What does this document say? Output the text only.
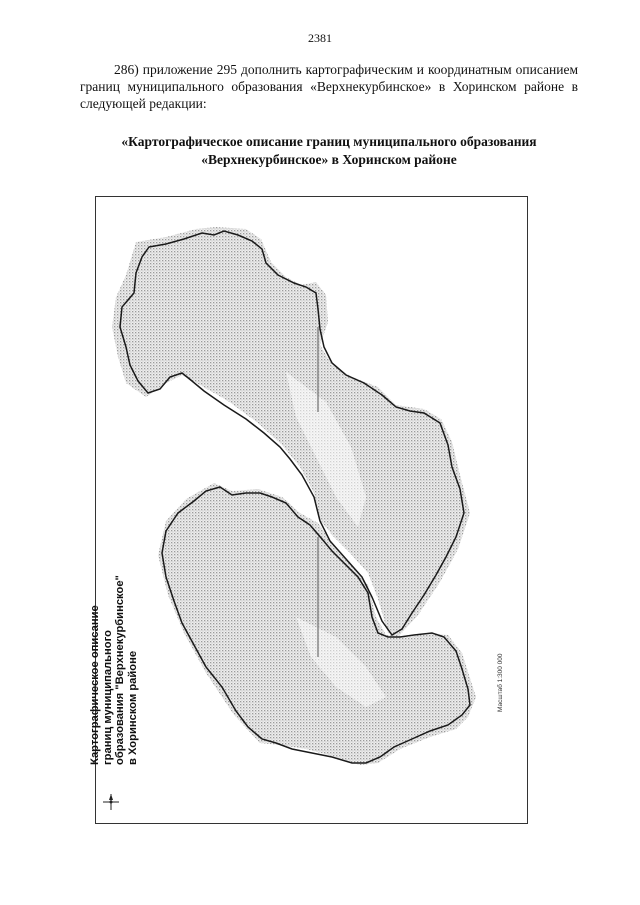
2381
286) приложение 295 дополнить картографическим и координатным описанием границ муниципального образования «Верхнекурбинское» в Хоринском районе в следующей редакции:
«Картографическое описание границ муниципального образования
«Верхнекурбинское» в Хоринском районе
Картографическое описание границ муниципального образования "Верхнекурбинское" в Хоринском районе	Масштаб 1:300 000
